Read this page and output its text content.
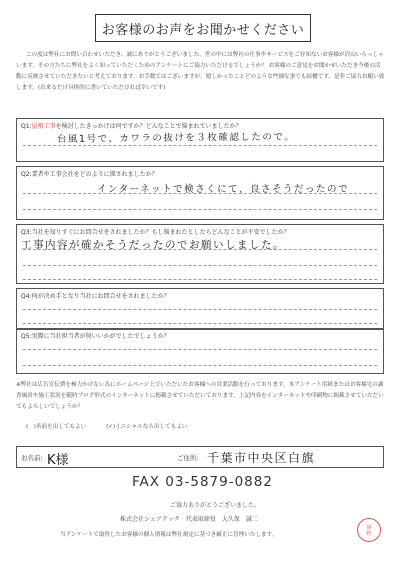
お客様のお声をお聞かせください
この度は弊社にお問い合わせいただき、誠にありがとうございました。世の中には弊社の仕事やサービスをご存知ないお客様が沢山いらっしゃいます。その方たちに弊社をよく知っていただくためのアンケートにご協力いただけるでしょうか？ お客様のご意見をお聞かせいただき今後の活動に反映させていただきたいと考えております。お手数ではございますが、嬉しかったことどのような些細な事でも結構です。是非ご協力お願い致します。(出来るだけ具体的に書いていただければ幸いです)
Q1:屋根工事を検討したきっかけは何ですか？どんなことで悩まれていましたか？
台風1号で、カワラの抜けを３枚確認したので。
Q2:業者や工事会社をどのように探されましたか？
インターネットで検さくにて、良さそうだったので
Q3:当社を知りすぐにお問合せをされましたか？もし悩まれたとしたらどんなことが不安でしたか？
工事内容が確かそうだったのでお願いしました。
Q4:何が決め手となり当社にお問合せをされましたか？
Q5:実際に当社担当者が伺いいかがでしたでしょうか？
※弊社は広告宣伝費を極力かけない為にホームページ上でいただいたお客様への営業活動を行っております。本アンケート用紙またはお客様宅の調査風景や施工状況を随時ブログ形式のインターネットに掲載させていただいております。上記内容をインターネットや印刷物に掲載させていただいてもよろしいでしょうか？
(　)名前を出してもよい	(✓)イニシャルなら出してもよい
お名前: K様	ご住所: 千葉市中央区白旗
FAX 03-5879-0882
ご協力ありがとうございました。
株式会社シェアテック　代表取締役　大久保　誠二
当アンケートで取得したお客様の個人情報は弊社規定に基づき厳正に管理いたします。
岡
野
